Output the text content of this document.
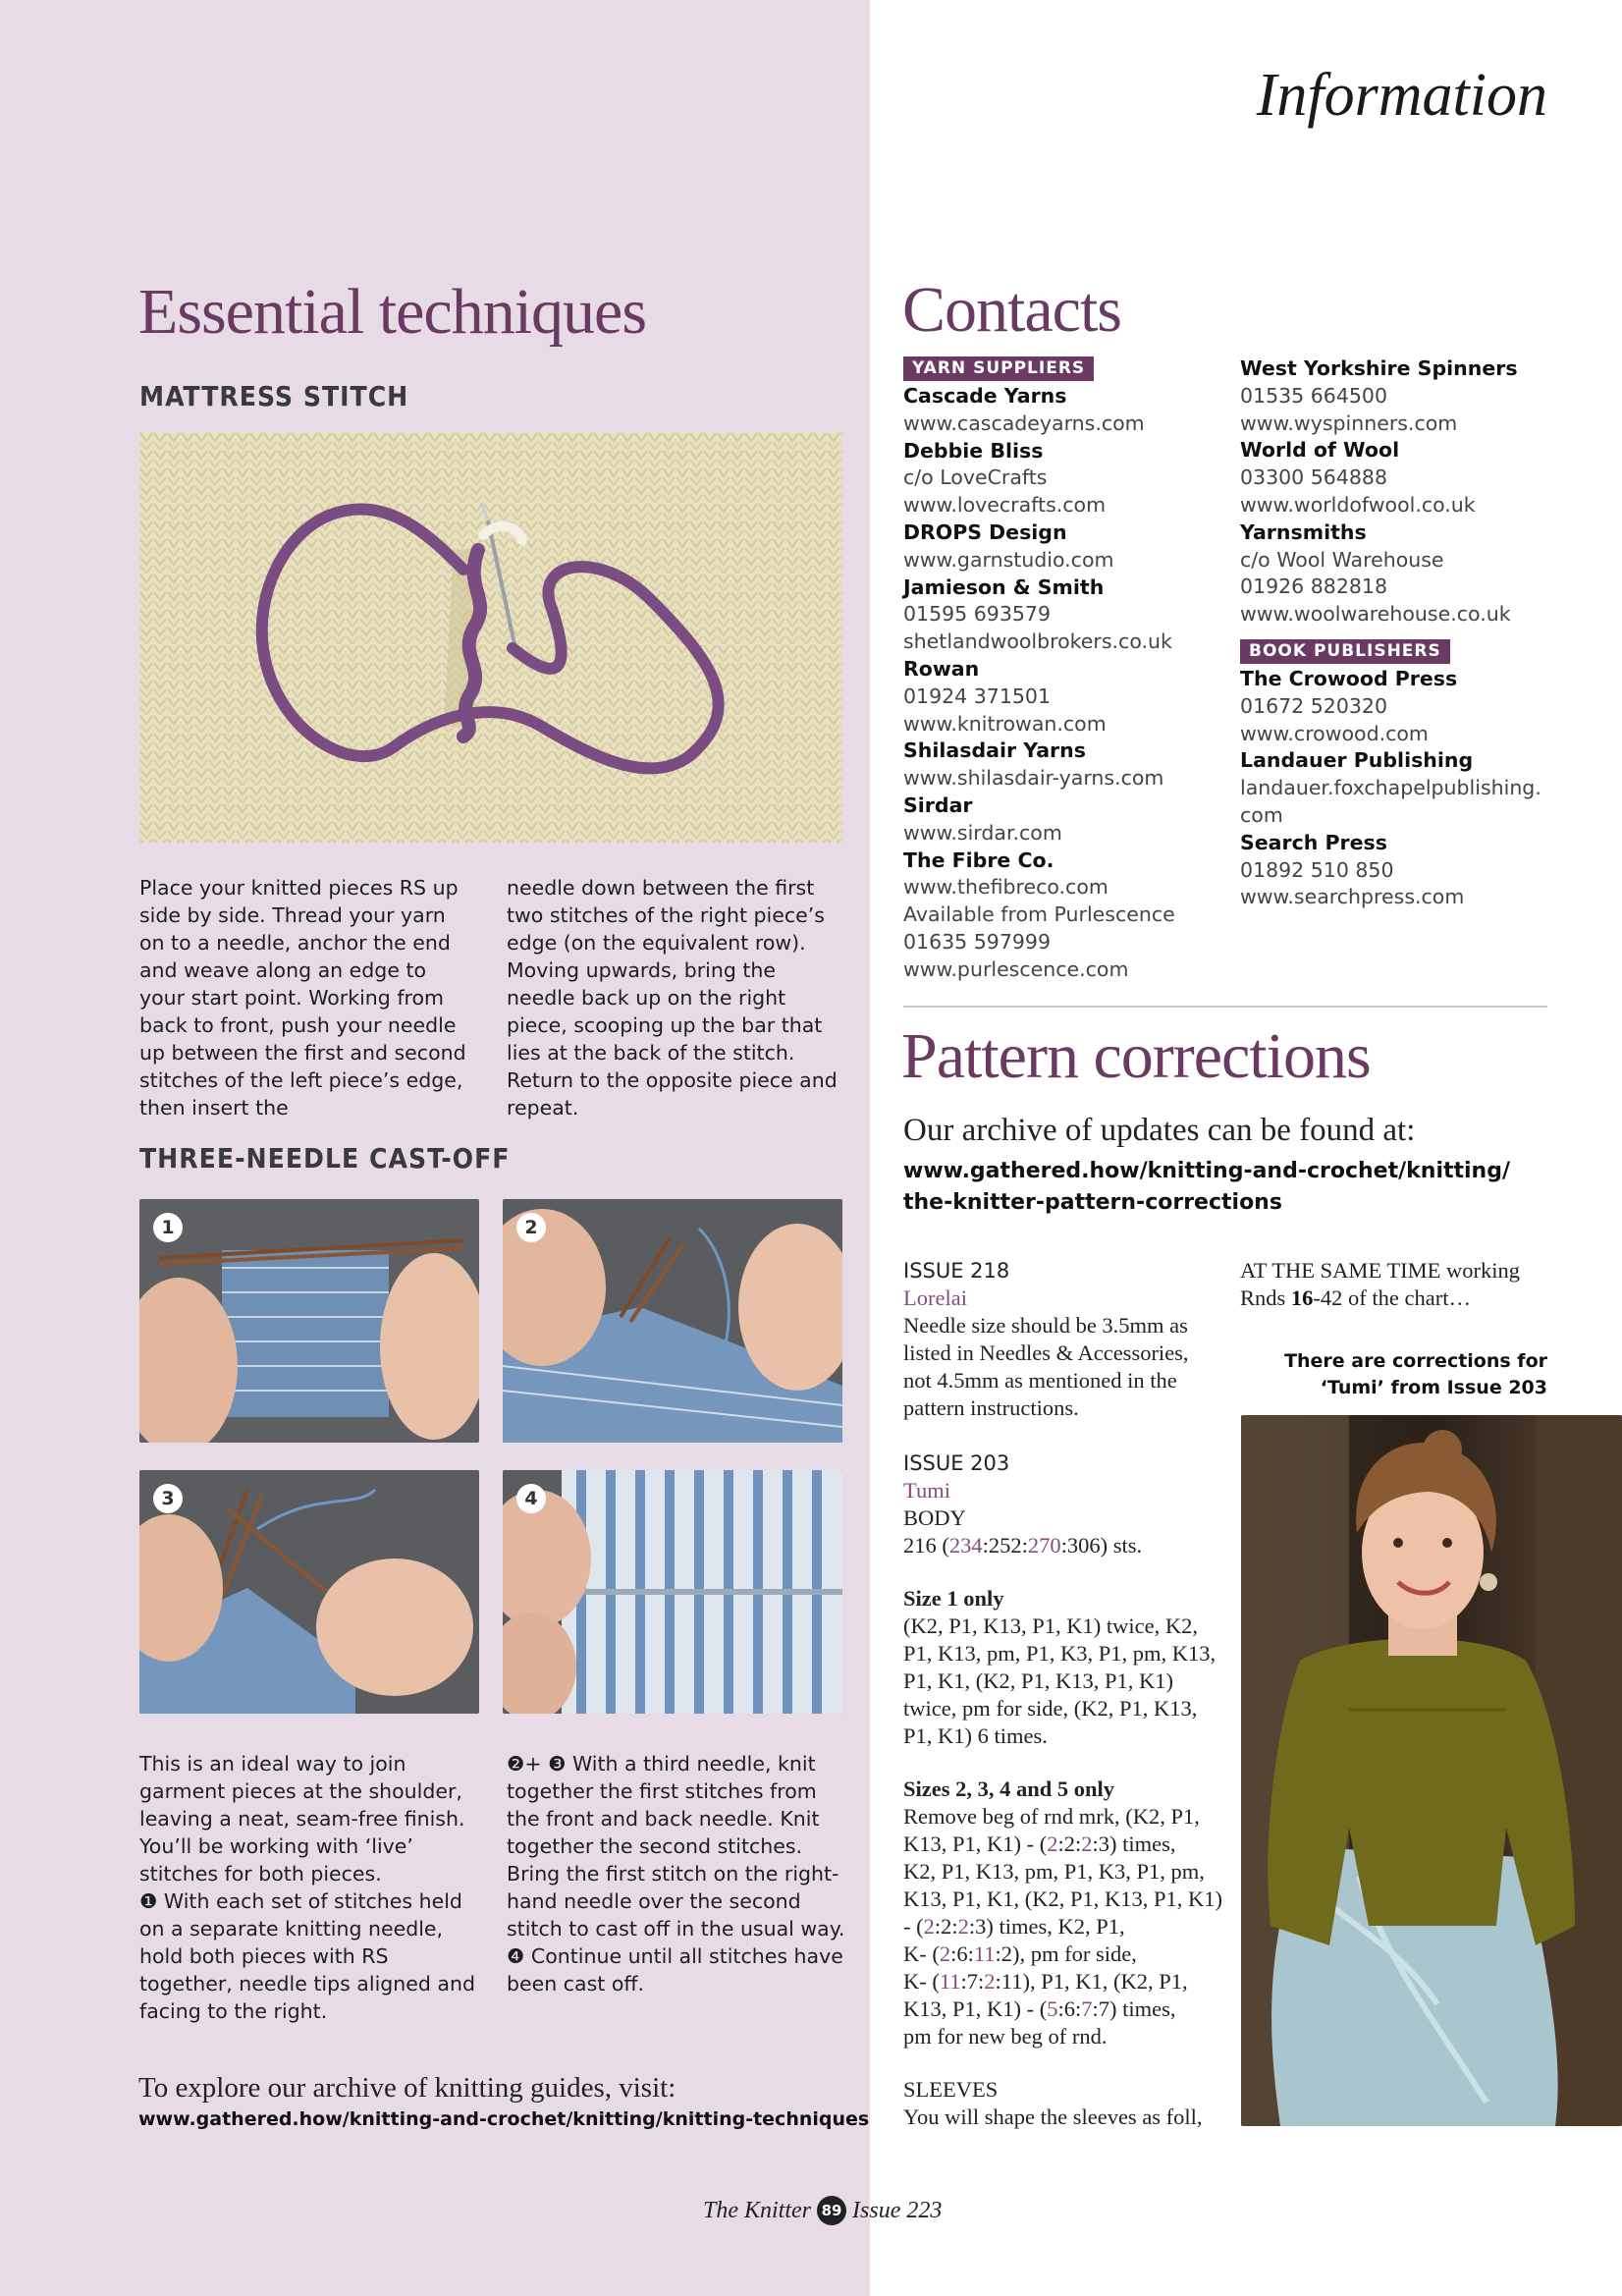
Information
Essential techniques
MATTRESS STITCH
Place your knitted pieces RS up side by side. Thread your yarn on to a needle, anchor the end and weave along an edge to your start point. Working from back to front, push your needle up between the first and second stitches of the left piece’s edge, then insert the
needle down between the first two stitches of the right piece’s edge (on the equivalent row). Moving upwards, bring the needle back up on the right piece, scooping up the bar that lies at the back of the stitch. Return to the opposite piece and repeat.
THREE-NEEDLE CAST-OFF
1	2
3	4
This is an ideal way to join garment pieces at the shoulder, leaving a neat, seam-free finish. You’ll be working with ‘live’ stitches for both pieces.
❶ With each set of stitches held on a separate knitting needle, hold both pieces with RS together, needle tips aligned and facing to the right.
❷+ ❸ With a third needle, knit together the first stitches from the front and back needle. Knit together the second stitches. Bring the first stitch on the right-hand needle over the second stitch to cast off in the usual way.
❹ Continue until all stitches have been cast off.
To explore our archive of knitting guides, visit:
www.gathered.how/knitting-and-crochet/knitting/knitting-techniques
Contacts
YARN SUPPLIERS
Cascade Yarns
www.cascadeyarns.com
Debbie Bliss
c/o LoveCrafts
www.lovecrafts.com
DROPS Design
www.garnstudio.com
Jamieson & Smith
01595 693579
shetlandwoolbrokers.co.uk
Rowan
01924 371501
www.knitrowan.com
Shilasdair Yarns
www.shilasdair-yarns.com
Sirdar
www.sirdar.com
The Fibre Co.
www.thefibreco.com
Available from Purlescence
01635 597999
www.purlescence.com
West Yorkshire Spinners
01535 664500
www.wyspinners.com
World of Wool
03300 564888
www.worldofwool.co.uk
Yarnsmiths
c/o Wool Warehouse
01926 882818
www.woolwarehouse.co.uk
BOOK PUBLISHERS
The Crowood Press
01672 520320
www.crowood.com
Landauer Publishing
landauer.foxchapelpublishing.
com
Search Press
01892 510 850
www.searchpress.com
Pattern corrections
Our archive of updates can be found at:
www.gathered.how/knitting-and-crochet/knitting/
the-knitter-pattern-corrections
ISSUE 218
Lorelai
Needle size should be 3.5mm as listed in Needles & Accessories, not 4.5mm as mentioned in the pattern instructions.
ISSUE 203
Tumi
BODY
216 (234:252:270:306) sts.
Size 1 only
(K2, P1, K13, P1, K1) twice, K2, P1, K13, pm, P1, K3, P1, pm, K13, P1, K1, (K2, P1, K13, P1, K1) twice, pm for side, (K2, P1, K13, P1, K1) 6 times.
Sizes 2, 3, 4 and 5 only
Remove beg of rnd mrk, (K2, P1,
K13, P1, K1) - (2:2:2:3) times,
K2, P1, K13, pm, P1, K3, P1, pm,
K13, P1, K1, (K2, P1, K13, P1, K1)
- (2:2:2:3) times, K2, P1,
K- (2:6:11:2), pm for side,
K- (11:7:2:11), P1, K1, (K2, P1,
K13, P1, K1) - (5:6:7:7) times,
pm for new beg of rnd.
SLEEVES
You will shape the sleeves as foll,
AT THE SAME TIME working
Rnds 16-42 of the chart…
There are corrections for ‘Tumi’ from Issue 203
The Knitter 89 Issue 223
